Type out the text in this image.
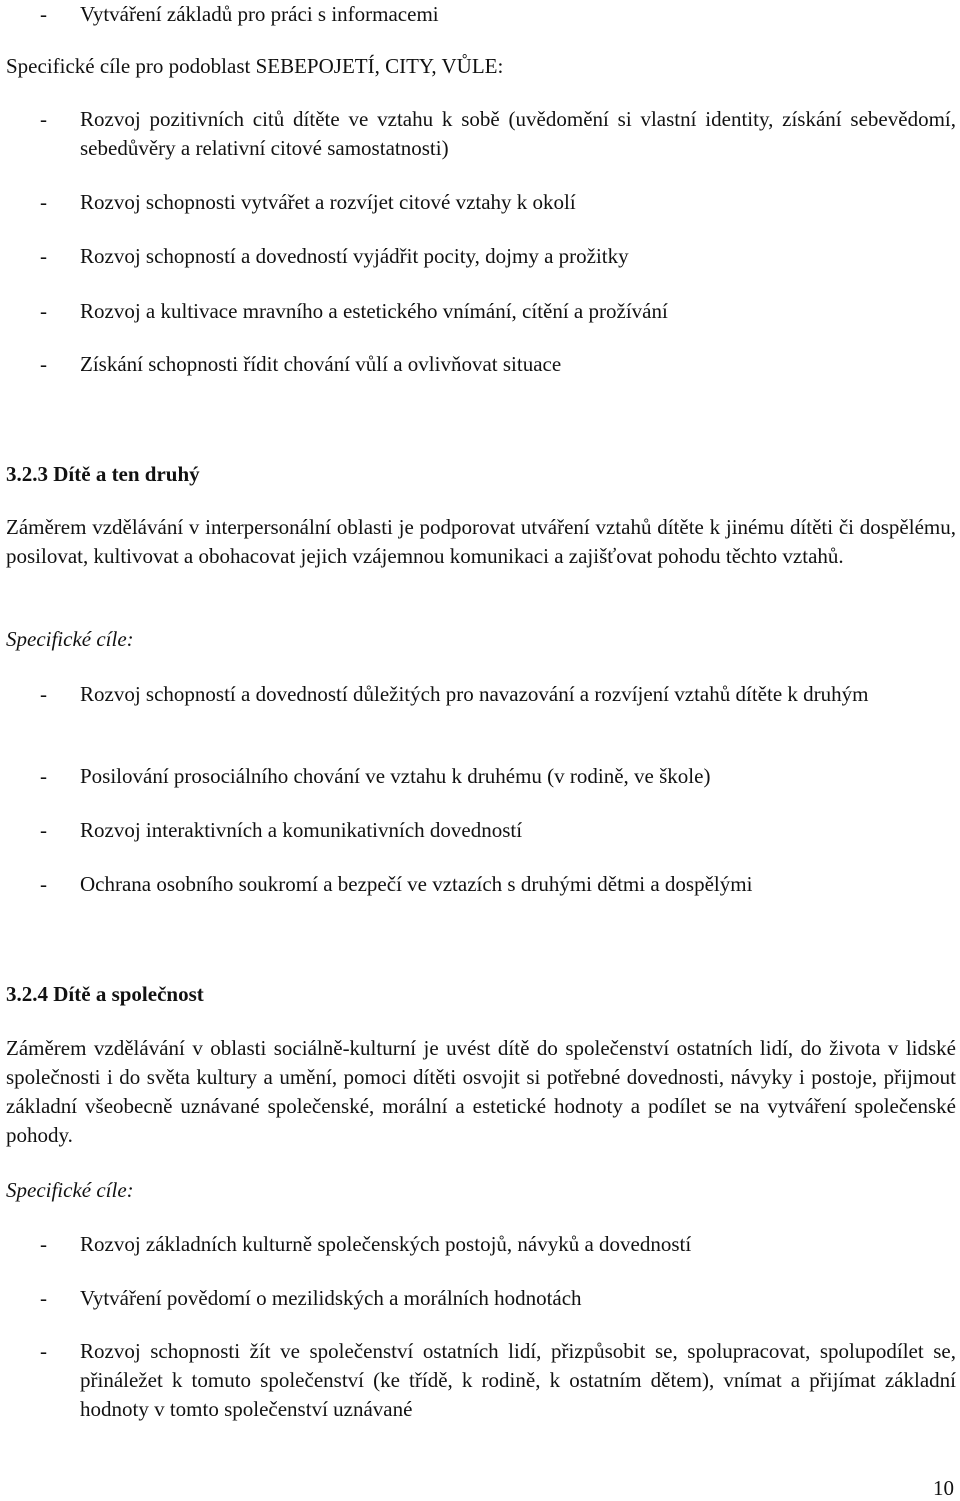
- Vytváření základů pro práci s informacemi
Specifické cíle pro podoblast SEBEPOJETÍ, CITY, VŮLE:
- Rozvoj pozitivních citů dítěte ve vztahu k sobě (uvědomění si vlastní identity, získání sebevědomí, sebedůvěry a relativní citové samostatnosti)
- Rozvoj schopnosti vytvářet a rozvíjet citové vztahy k okolí
- Rozvoj schopností a dovedností vyjádřit pocity, dojmy a prožitky
- Rozvoj a kultivace mravního a estetického vnímání, cítění a prožívání
- Získání schopnosti řídit chování vůlí a ovlivňovat situace
3.2.3 Dítě a ten druhý
Záměrem vzdělávání v interpersonální oblasti je podporovat utváření vztahů dítěte k jinému dítěti či dospělému, posilovat, kultivovat a obohacovat jejich vzájemnou komunikaci a zajišťovat pohodu těchto vztahů.
Specifické cíle:
- Rozvoj schopností a dovedností důležitých pro navazování a rozvíjení vztahů dítěte k druhým
- Posilování prosociálního chování ve vztahu k druhému (v rodině, ve škole)
- Rozvoj interaktivních a komunikativních dovedností
- Ochrana osobního soukromí a bezpečí ve vztazích s druhými dětmi a dospělými
3.2.4 Dítě a společnost
Záměrem vzdělávání v oblasti sociálně-kulturní je uvést dítě do společenství ostatních lidí, do života v lidské společnosti i do světa kultury a umění, pomoci dítěti osvojit si potřebné dovednosti, návyky i postoje, přijmout základní všeobecně uznávané společenské, morální a estetické hodnoty a podílet se na vytváření společenské pohody.
Specifické cíle:
- Rozvoj základních kulturně společenských postojů, návyků a dovedností
- Vytváření povědomí o mezilidských a morálních hodnotách
- Rozvoj schopnosti žít ve společenství ostatních lidí, přizpůsobit se, spolupracovat, spolupodílet se, přináležet k tomuto společenství (ke třídě, k rodině, k ostatním dětem), vnímat a přijímat základní hodnoty v tomto společenství uznávané
10
